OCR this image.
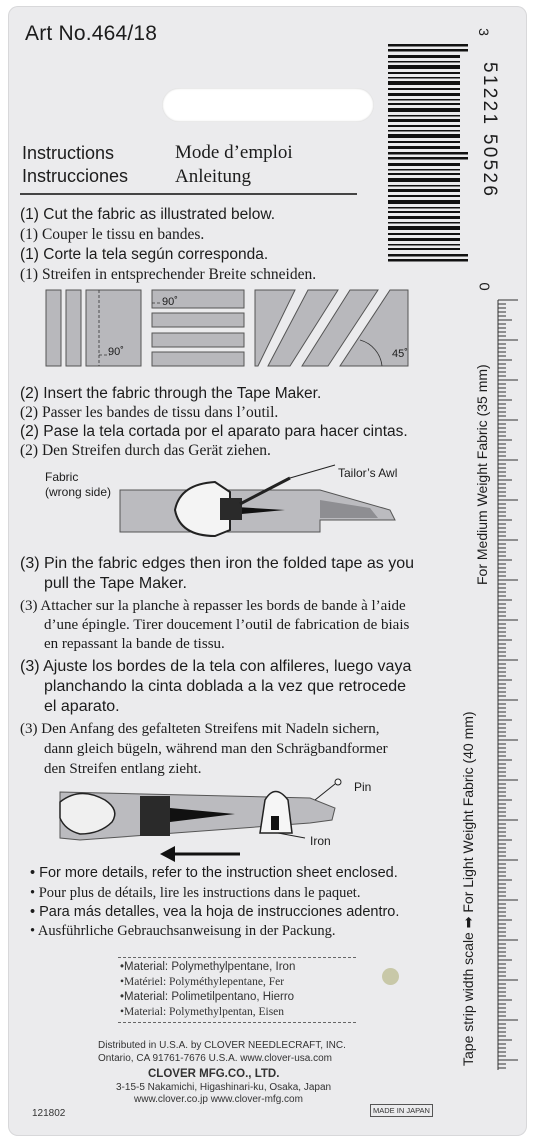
Art No.464/18
Instructions
Instrucciones
Mode d’emploi
Anleitung
(1) Cut the fabric as illustrated below.
(1) Couper le tissu en bandes.
(1) Corte la tela según corresponda.
(1) Streifen in entsprechender Breite schneiden.
90˚
90˚	45˚
(2) Insert the fabric through the Tape Maker.
(2) Passer les bandes de tissu dans l’outil.
(2) Pase la tela cortada por el aparato para hacer cintas.
(2) Den Streifen durch das Gerät ziehen.
Fabric
(wrong side)
Tailor’s Awl
(3) Pin the fabric edges then iron the folded tape as you
pull the Tape Maker.
(3) Attacher sur la planche à repasser les bords de bande à l’aide
d’une épingle. Tirer doucement l’outil de fabrication de biais
en repassant la bande de tissu.
(3) Ajuste los bordes de la tela con alfileres, luego vaya
planchando la cinta doblada a la vez que retrocede
el aparato.
(3) Den Anfang des gefalteten Streifens mit Nadeln sichern,
dann gleich bügeln, während man den Schrägbandformer
den Streifen entlang zieht.
Pin
Iron
• For more details, refer to the instruction sheet enclosed.
• Pour plus de détails, lire les instructions dans le paquet.
• Para más detalles, vea la hoja de instrucciones adentro.
• Ausführliche Gebrauchsanweisung in der Packung.
•Material: Polymethylpentane, Iron
•Matériel: Polyméthylepentane, Fer
•Material: Polimetilpentano, Hierro
•Material: Polymethylpentan, Eisen
Distributed in U.S.A. by CLOVER NEEDLECRAFT, INC.
Ontario, CA 91761-7676 U.S.A. www.clover-usa.com
CLOVER MFG.CO., LTD.
3-15-5 Nakamichi, Higashinari-ku, Osaka, Japan
www.clover.co.jp www.clover-mfg.com
121802	MADE IN JAPAN
3
51221 50526
0
For Medium Weight Fabric (35 mm)
Tape strip width scale ➡ For Light Weight Fabric (40 mm)
